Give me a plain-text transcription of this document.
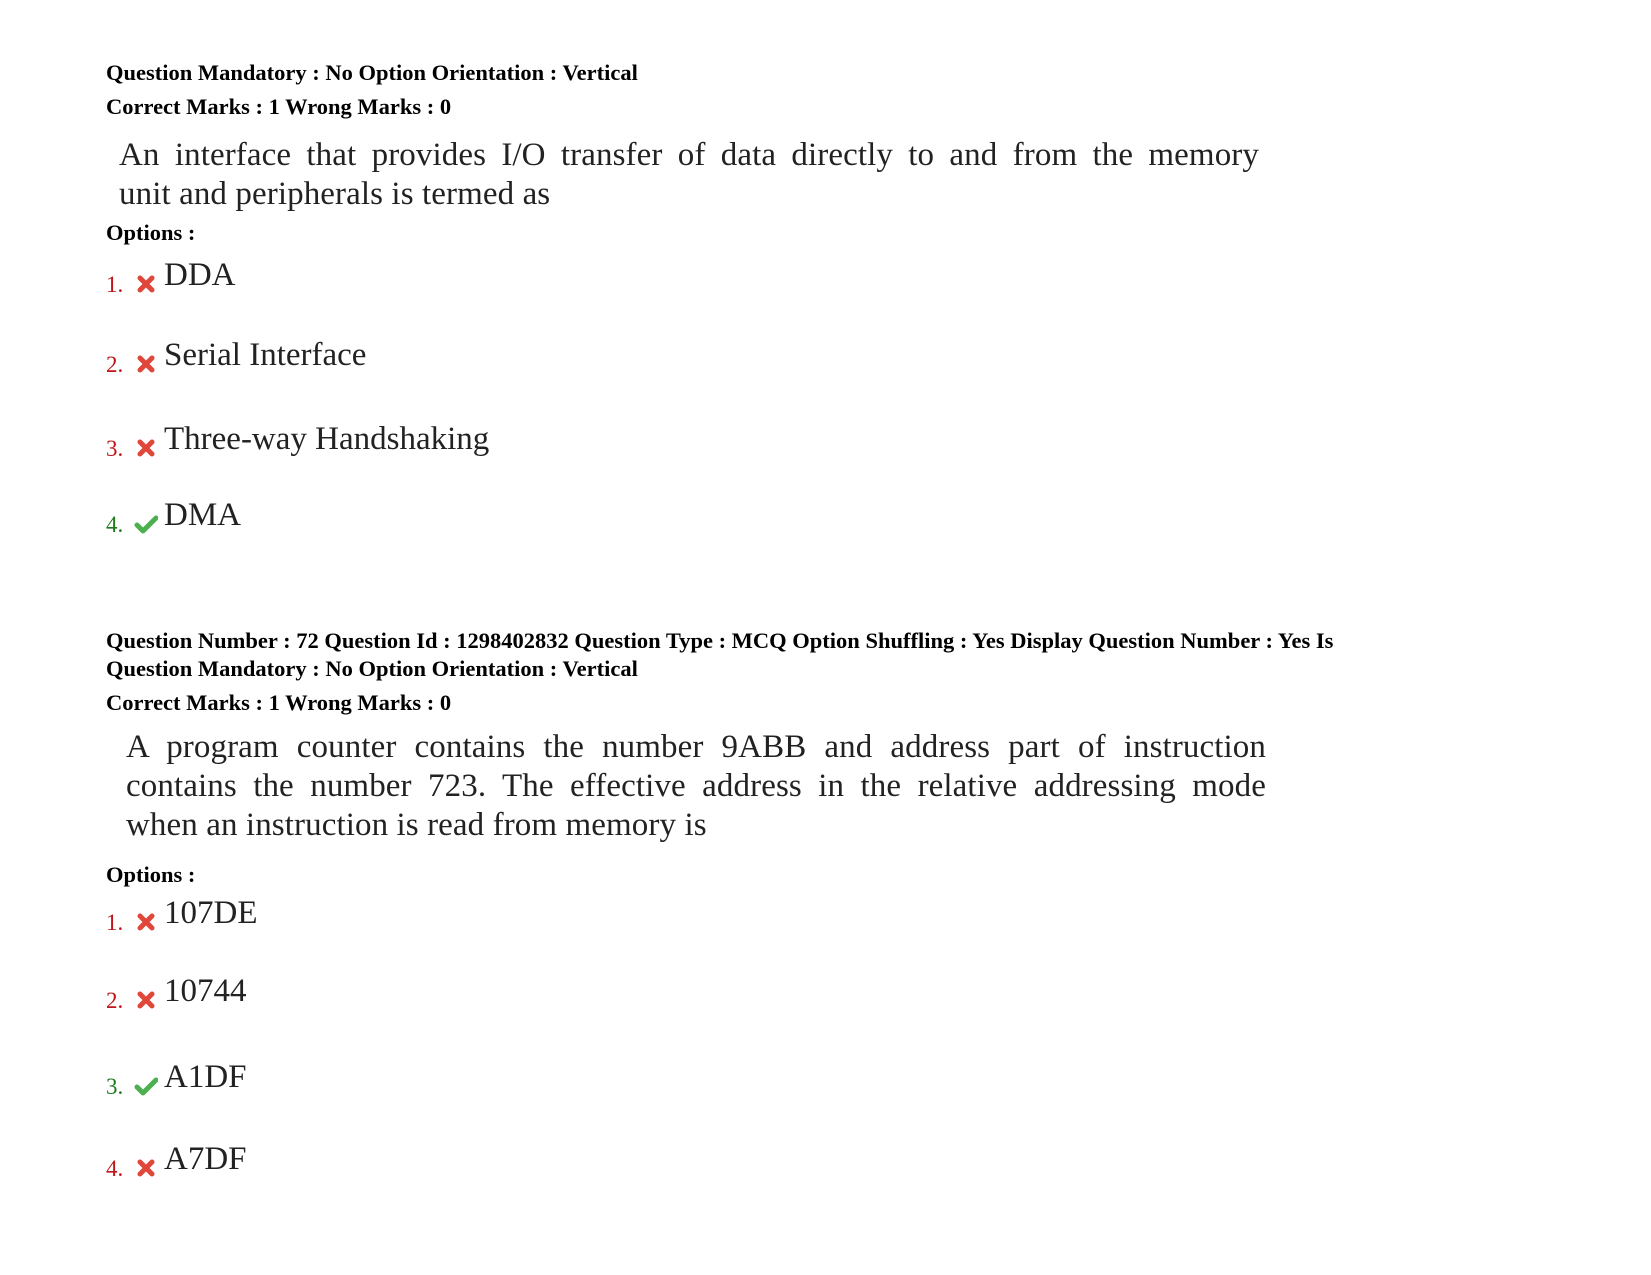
Question Mandatory : No Option Orientation : Vertical
Correct Marks : 1 Wrong Marks : 0
An interface that provides I/O transfer of data directly to and from the memory
unit and peripherals is termed as
Options :
1. DDA
2. Serial Interface
3. Three-way Handshaking
4. DMA
Question Number : 72 Question Id : 1298402832 Question Type : MCQ Option Shuffling : Yes Display Question Number : Yes Is
Question Mandatory : No Option Orientation : Vertical
Correct Marks : 1 Wrong Marks : 0
A program counter contains the number 9ABB and address part of instruction
contains the number 723. The effective address in the relative addressing mode
when an instruction is read from memory is
Options :
1. 107DE
2. 10744
3. A1DF
4. A7DF
